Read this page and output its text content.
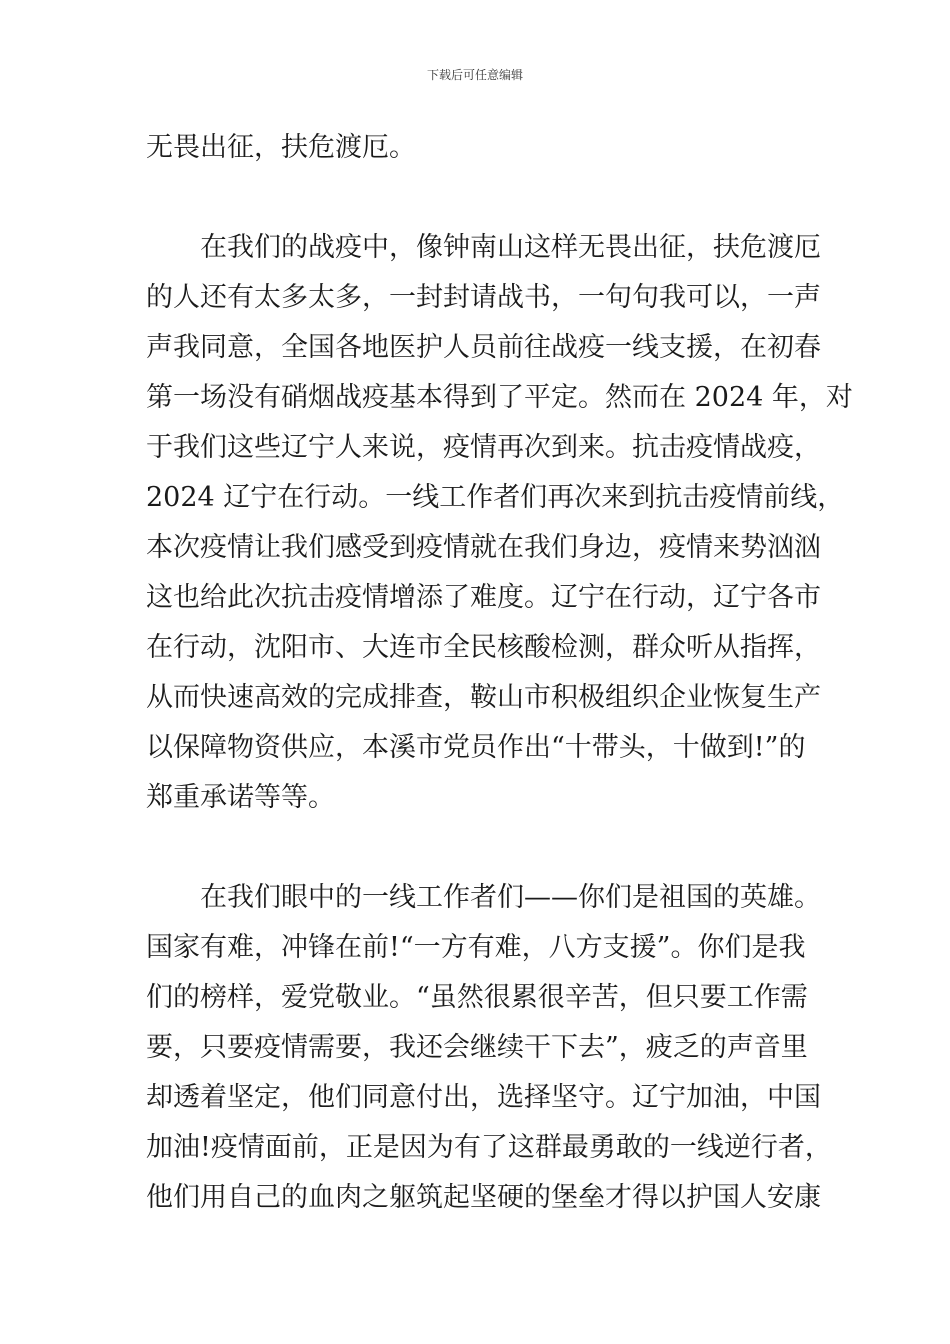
下载后可任意编辑
无畏出征，扶危渡厄。
　　在我们的战疫中，像钟南山这样无畏出征，扶危渡厄
的人还有太多太多，一封封请战书，一句句我可以，一声
声我同意，全国各地医护人员前往战疫一线支援，在初春
第一场没有硝烟战疫基本得到了平定。然而在 2024 年，对
于我们这些辽宁人来说，疫情再次到来。抗击疫情战疫，
2024 辽宁在行动。一线工作者们再次来到抗击疫情前线，
本次疫情让我们感受到疫情就在我们身边，疫情来势汹汹
这也给此次抗击疫情增添了难度。辽宁在行动，辽宁各市
在行动，沈阳市、大连市全民核酸检测，群众听从指挥，
从而快速高效的完成排查，鞍山市积极组织企业恢复生产
以保障物资供应，本溪市党员作出“十带头，十做到!”的
郑重承诺等等。
　　在我们眼中的一线工作者们——你们是祖国的英雄。
国家有难，冲锋在前!“一方有难，八方支援”。你们是我
们的榜样，爱党敬业。“虽然很累很辛苦，但只要工作需
要，只要疫情需要，我还会继续干下去”，疲乏的声音里
却透着坚定，他们同意付出，选择坚守。辽宁加油，中国
加油!疫情面前，正是因为有了这群最勇敢的一线逆行者，
他们用自己的血肉之躯筑起坚硬的堡垒才得以护国人安康
